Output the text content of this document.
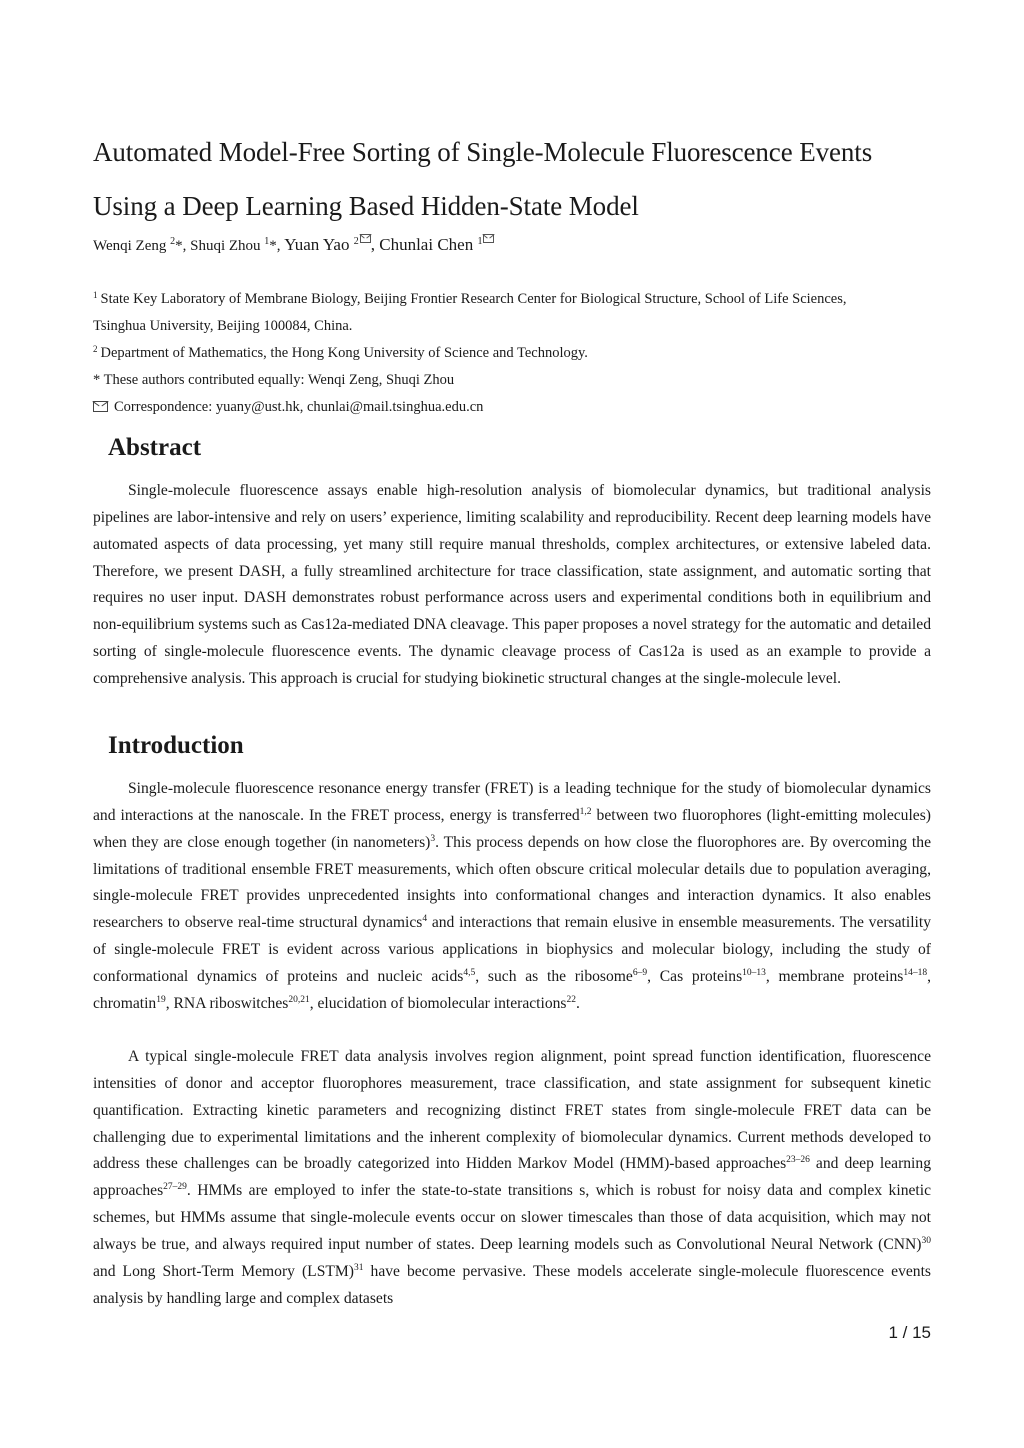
Automated Model-Free Sorting of Single-Molecule Fluorescence Events
Using a Deep Learning Based Hidden-State Model
Wenqi Zeng $^2$*, Shuqi Zhou $^1$*, Yuan Yao $^2$ , Chunlai Chen $^1$
$^1$ State Key Laboratory of Membrane Biology, Beijing Frontier Research Center for Biological Structure, School of Life Sciences,
Tsinghua University, Beijing 100084, China.
$^2$ Department of Mathematics, the Hong Kong University of Science and Technology.
* These authors contributed equally: Wenqi Zeng, Shuqi Zhou
Correspondence: yuany@ust.hk, chunlai@mail.tsinghua.edu.cn
Abstract

Single-molecule fluorescence assays enable high-resolution analysis of biomolecular dynamics, but traditional analysis pipelines are labor-intensive and rely on users’ experience, limiting scalability and reproducibility. Recent deep learning models have automated aspects of data processing, yet many still require manual thresholds, complex architectures, or extensive labeled data. Therefore, we present DASH, a fully streamlined architecture for trace classification, state assignment, and automatic sorting that requires no user input. DASH demonstrates robust performance across users and experimental conditions both in equilibrium and non-equilibrium systems such as Cas12a-mediated DNA cleavage. This paper proposes a novel strategy for the automatic and detailed sorting of single-molecule fluorescence events. The dynamic cleavage process of Cas12a is used as an example to provide a comprehensive analysis. This approach is crucial for studying biokinetic structural changes at the single-molecule level.

Introduction

Single-molecule fluorescence resonance energy transfer (FRET) is a leading technique for the study of biomolecular dynamics and interactions at the nanoscale. In the FRET process, energy is transferred$^{1,2}$ between two fluorophores (light-emitting molecules) when they are close enough together (in nanometers)$^3$. This process depends on how close the fluorophores are. By overcoming the limitations of traditional ensemble FRET measurements, which often obscure critical molecular details due to population averaging, single-molecule FRET provides unprecedented insights into conformational changes and interaction dynamics. It also enables researchers to observe real-time structural dynamics$^4$ and interactions that remain elusive in ensemble measurements. The versatility of single-molecule FRET is evident across various applications in biophysics and molecular biology, including the study of conformational dynamics of proteins and nucleic acids$^{4,5}$, such as the ribosome$^{6-9}$, Cas proteins$^{10-13}$, membrane proteins$^{14-18}$, chromatin$^{19}$, RNA riboswitches$^{20,21}$, elucidation of biomolecular interactions$^{22}$.

A typical single-molecule FRET data analysis involves region alignment, point spread function identification, fluorescence intensities of donor and acceptor fluorophores measurement, trace classification, and state assignment for subsequent kinetic quantification. Extracting kinetic parameters and recognizing distinct FRET states from single-molecule FRET data can be challenging due to experimental limitations and the inherent complexity of biomolecular dynamics. Current methods developed to address these challenges can be broadly categorized into Hidden Markov Model (HMM)-based approaches$^{23-26}$ and deep learning approaches$^{27-29}$. HMMs are employed to infer the state-to-state transitions s, which is robust for noisy data and complex kinetic schemes, but HMMs assume that single-molecule events occur on slower timescales than those of data acquisition, which may not always be true, and always required input number of states. Deep learning models such as Convolutional Neural Network (CNN)$^{30}$ and Long Short-Term Memory (LSTM)$^{31}$ have become pervasive. These models accelerate single-molecule fluorescence events analysis by handling large and complex datasets

1 / 15
